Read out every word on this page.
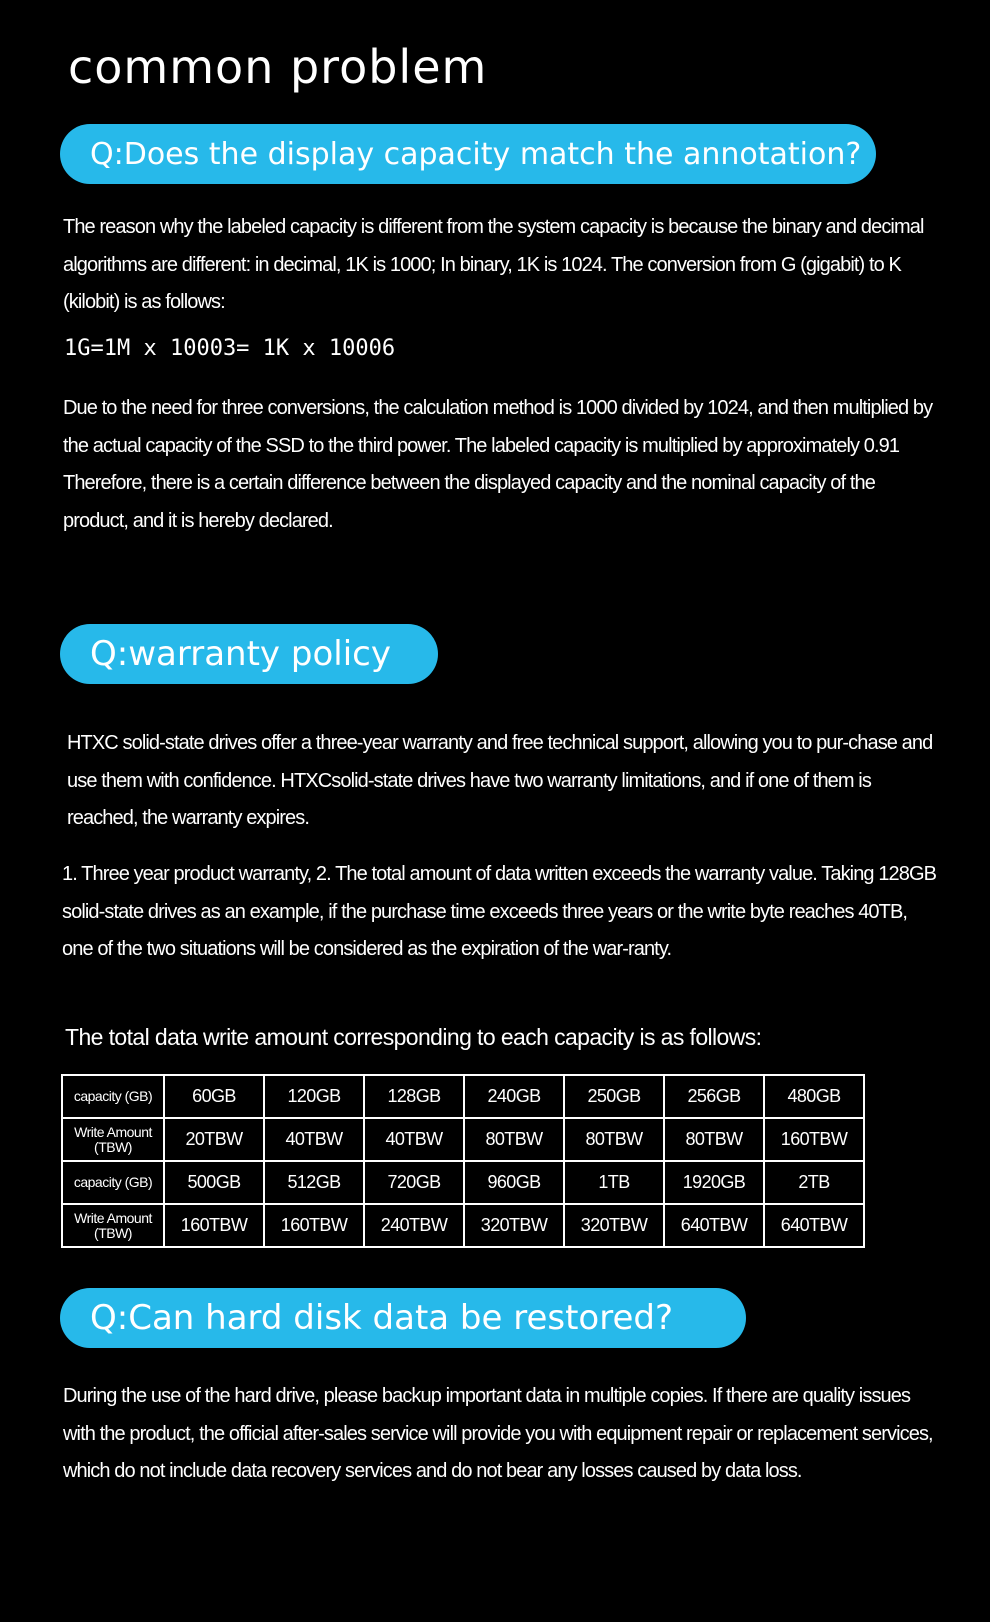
common problem
Q:Does the display capacity match the annotation?

The reason why the labeled capacity is different from the system capacity is because the binary and decimal algorithms are different: in decimal, 1K is 1000; In binary, 1K is 1024. The conversion from G (gigabit) to K (kilobit) is as follows:

1G=1M x 10003= 1K x 10006

Due to the need for three conversions, the calculation method is 1000 divided by 1024, and then multiplied by the actual capacity of the SSD to the third power. The labeled capacity is multiplied by approximately 0.91
Therefore, there is a certain difference between the displayed capacity and the nominal capacity of the product, and it is hereby declared.
Q:warranty policy

HTXC solid-state drives offer a three-year warranty and free technical support, allowing you to pur-chase and use them with confidence. HTXCsolid-state drives have two warranty limitations, and if one of them is reached, the warranty expires.

1. Three year product warranty, 2. The total amount of data written exceeds the warranty value. Taking 128GB solid-state drives as an example, if the purchase time exceeds three years or the write byte reaches 40TB, one of the two situations will be considered as the expiration of the war-ranty.

The total data write amount corresponding to each capacity is as follows:

capacity (GB)	60GB	120GB	128GB	240GB	250GB	256GB	480GB
Write Amount (TBW)	20TBW	40TBW	40TBW	80TBW	80TBW	80TBW	160TBW
capacity (GB)	500GB	512GB	720GB	960GB	1TB	1920GB	2TB
Write Amount (TBW)	160TBW	160TBW	240TBW	320TBW	320TBW	640TBW	640TBW
Q:Can hard disk data be restored?

During the use of the hard drive, please backup important data in multiple copies. If there are quality issues with the product, the official after-sales service will provide you with equipment repair or replacement services, which do not include data recovery services and do not bear any losses caused by data loss.
